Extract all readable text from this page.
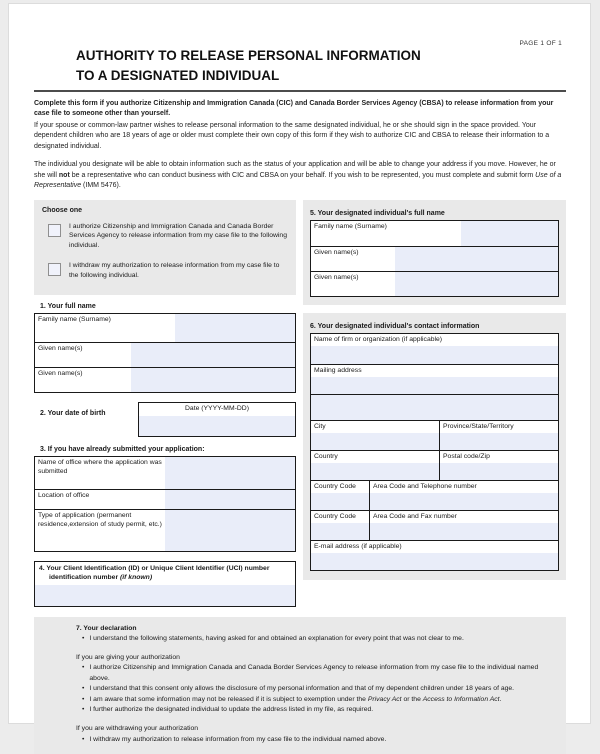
PAGE 1 OF 1
AUTHORITY TO RELEASE PERSONAL INFORMATION
TO A DESIGNATED INDIVIDUAL

Complete this form if you authorize Citizenship and Immigration Canada (CIC) and Canada Border Services Agency (CBSA) to release information from your case file to someone other than yourself.

If your spouse or common-law partner wishes to release personal information to the same designated individual, he or she should sign in the space provided. Your dependent children who are 18 years of age or older must complete their own copy of this form if they wish to authorize CIC and CBSA to release their information to a designated individual.

The individual you designate will be able to obtain information such as the status of your application and will be able to change your address if you move. However, he or she will not be a representative who can conduct business with CIC and CBSA on your behalf. If you wish to be represented, you must complete and submit form Use of a Representative (IMM 5476).

Choose one
I authorize Citizenship and Immigration Canada and Canada Border Services Agency to release information from my case file to the following individual.
I withdraw my authorization to release information from my case file to the following individual.
1. Your full name
Family name (Surname)
Given name(s)
Given name(s)
2. Your date of birth
Date (YYYY-MM-DD)
3. If you have already submitted your application:
Name of office where the application was submitted
Location of office
Type of application (permanent residence,extension of study permit, etc.)
4. Your Client Identification (ID) or Unique Client Identifier (UCI) number
identification number (if known)
5. Your designated individual's full name
Family name (Surname)
Given name(s)
Given name(s)
6. Your designated individual's contact information
Name of firm or organization (if applicable)
Mailing address
City	Province/State/Territory
Country	Postal code/Zip
Country Code	Area Code and Telephone number
Country Code	Area Code and Fax number
E-mail address (if applicable)
7. Your declaration
• I understand the following statements, having asked for and obtained an explanation for every point that was not clear to me.
If you are giving your authorization
• I authorize Citizenship and Immigration Canada and Canada Border Services Agency to release information from my case file to the individual named above.
• I understand that this consent only allows the disclosure of my personal information and that of my dependent children under 18 years of age.
• I am aware that some information may not be released if it is subject to exemption under the Privacy Act or the Access to Information Act.
• I further authorize the designated individual to update the address listed in my file, as required.
If you are withdrawing your authorization
• I withdraw my authorization to release information from my case file to the individual named above.
